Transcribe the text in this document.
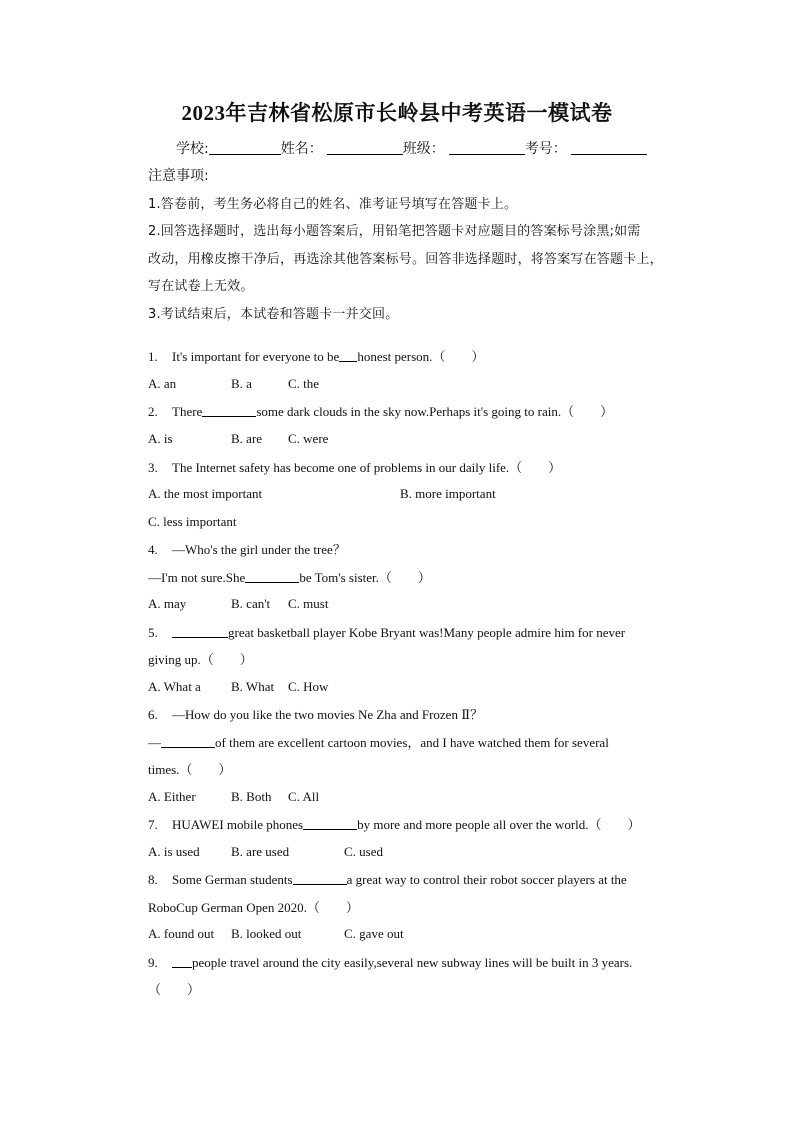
2023年吉林省松原市长岭县中考英语一模试卷
学校:	姓名：	班级：	考号：
注意事项:
1.答卷前，考生务必将自己的姓名、准考证号填写在答题卡上。
2.回答选择题时，选出每小题答案后，用铅笔把答题卡对应题目的答案标号涂黑;如需
改动，用橡皮擦干净后，再选涂其他答案标号。回答非选择题时，将答案写在答题卡上，
写在试卷上无效。
3.考试结束后，本试卷和答题卡一并交回。
1. It's important for everyone to be honest person.（　　）
A. an	B. a	C. the
2. There	some dark clouds in the sky now.Perhaps it's going to rain.（　　）
A. is	B. are C. were
3. The Internet safety has become one of problems in our daily life.（　　）
A. the most important	B. more important
C. less important
4. —Who's the girl under the tree？
—I'm not sure.She	be Tom's sister.（　　）
A. may	B. can't C. must
5.	great basketball player Kobe Bryant was!Many people admire him for never
giving up.（　　）
A. What a B. What C. How
6. —How do you like the two movies Ne Zha and Frozen Ⅱ？
—	of them are excellent cartoon movies，and I have watched them for several
times.（　　）
A. Either	B. Both C. All
7. HUAWEI mobile phones	by more and more people all over the world.（　　）
A. is used B. are used	C. used
8. Some German students	a great way to control their robot soccer players at the
RoboCup German Open 2020.（　　）
A. found out B. looked out	C. gave out
9.	people travel around the city easily,several new subway lines will be built in 3 years.
（　　）
